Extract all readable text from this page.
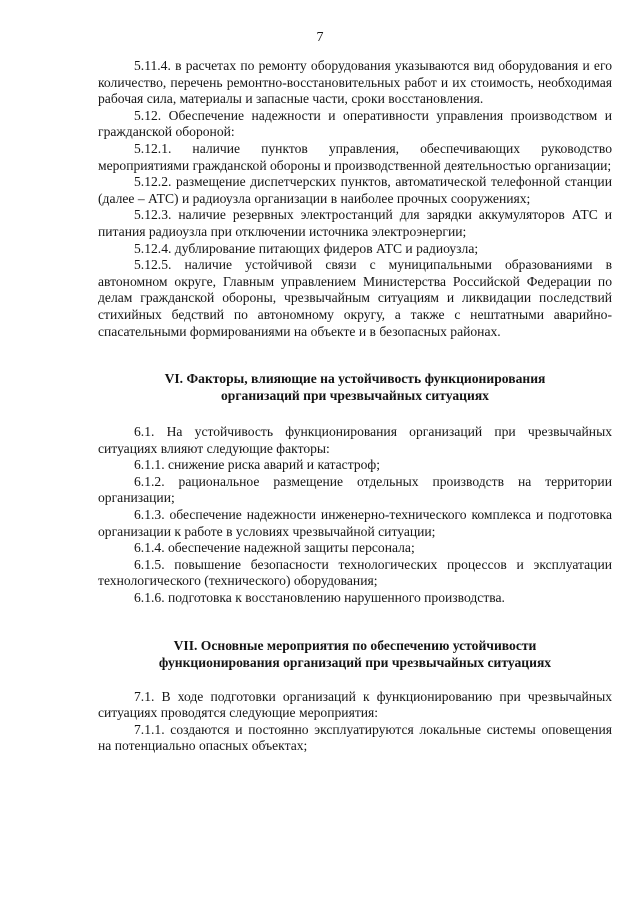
7

5.11.4. в расчетах по ремонту оборудования указываются вид оборудования и его количество, перечень ремонтно-восстановительных работ и их стоимость, необходимая рабочая сила, материалы и запасные части, сроки восстановления.

5.12. Обеспечение надежности и оперативности управления производством и гражданской обороной:

5.12.1. наличие пунктов управления, обеспечивающих руководство мероприятиями гражданской обороны и производственной деятельностью организации;

5.12.2. размещение диспетчерских пунктов, автоматической телефонной станции (далее – АТС) и радиоузла организации в наиболее прочных сооружениях;

5.12.3. наличие резервных электростанций для зарядки аккумуляторов АТС и питания радиоузла при отключении источника электроэнергии;

5.12.4. дублирование питающих фидеров АТС и радиоузла;

5.12.5. наличие устойчивой связи с муниципальными образованиями в автономном округе, Главным управлением Министерства Российской Федерации по делам гражданской обороны, чрезвычайным ситуациям и ликвидации последствий стихийных бедствий по автономному округу, а также с нештатными аварийно-спасательными формированиями на объекте и в безопасных районах.

VI. Факторы, влияющие на устойчивость функционирования
организаций при чрезвычайных ситуациях

6.1. На устойчивость функционирования организаций при чрезвычайных ситуациях влияют следующие факторы:

6.1.1. снижение риска аварий и катастроф;

6.1.2. рациональное размещение отдельных производств на территории организации;

6.1.3. обеспечение надежности инженерно-технического комплекса и подготовка организации к работе в условиях чрезвычайной ситуации;

6.1.4. обеспечение надежной защиты персонала;

6.1.5. повышение безопасности технологических процессов и эксплуатации технологического (технического) оборудования;

6.1.6. подготовка к восстановлению нарушенного производства.

VII. Основные мероприятия по обеспечению устойчивости
функционирования организаций при чрезвычайных ситуациях

7.1. В ходе подготовки организаций к функционированию при чрезвычайных ситуациях проводятся следующие мероприятия:

7.1.1. создаются и постоянно эксплуатируются локальные системы оповещения на потенциально опасных объектах;
